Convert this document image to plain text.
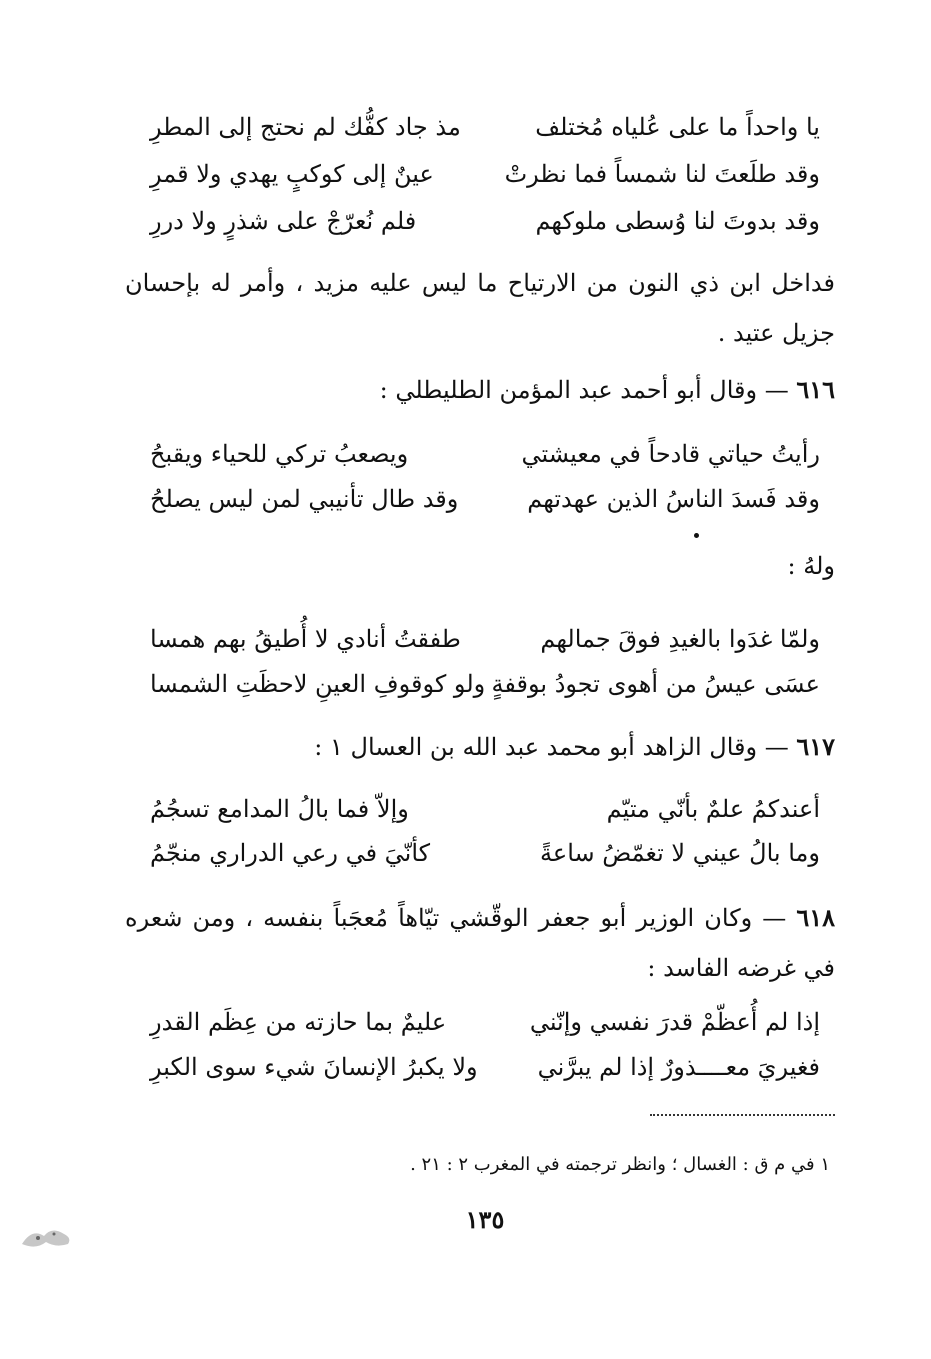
يا واحداً ما على عُلياه مُختلف
مذ جاد كفُّك لم نحتج إلى المطرِ
وقد طلَعتَ لنا شمساً فما نظرتْ
عينٌ إلى كوكبٍ يهدي ولا قمرِ
وقد بدوتَ لنا وُسطى ملوكهم
فلم نُعرّجْ على شذرٍ ولا دررِ
فداخل ابن ذي النون من الارتياح ما ليس عليه مزيد ، وأمر له بإحسان جزيل عتيد .
٦١٦ — وقال أبو أحمد عبد المؤمن الطليطلي :
رأيتُ حياتي قادحاً في معيشتي
ويصعبُ تركي للحياء ويقبحُ
وقد فَسدَ الناسُ الذين عهدتهم
وقد طال تأنيبي لمن ليس يصلحُ
ولهُ :
ولمّا غدَوا بالغيدِ فوقَ جمالهم
طفقتُ أنادي لا أُطيقُ بهم همسا
عسَى عيسُ من أهوى تجودُ بوقفةٍ
ولو كوقوفِ العينِ لاحظَتِ الشمسا
٦١٧ — وقال الزاهد أبو محمد عبد الله بن العسال ١ :
أعندكمُ علمٌ بأنّي متيّم
وإلاّ فما بالُ المدامع تسجُمُ
وما بالُ عيني لا تغمّضُ ساعةً
كأنّيَ في رعي الدراري منجّمُ
٦١٨ — وكان الوزير أبو جعفر الوقّشي تيّاهاً مُعجَباً بنفسه ، ومن شعره في غرضه الفاسد :
إذا لم أُعظّمْ قدرَ نفسي وإنّني
عليمٌ بما حازته من عِظَم القدرِ
فغيريَ معــــذورٌ إذا لم يبرَّني
ولا يكبرُ الإنسانَ شيء سوى الكبرِ
١ في م ق : الغسال ؛ وانظر ترجمته في المغرب ٢ : ٢١ .
١٣٥
